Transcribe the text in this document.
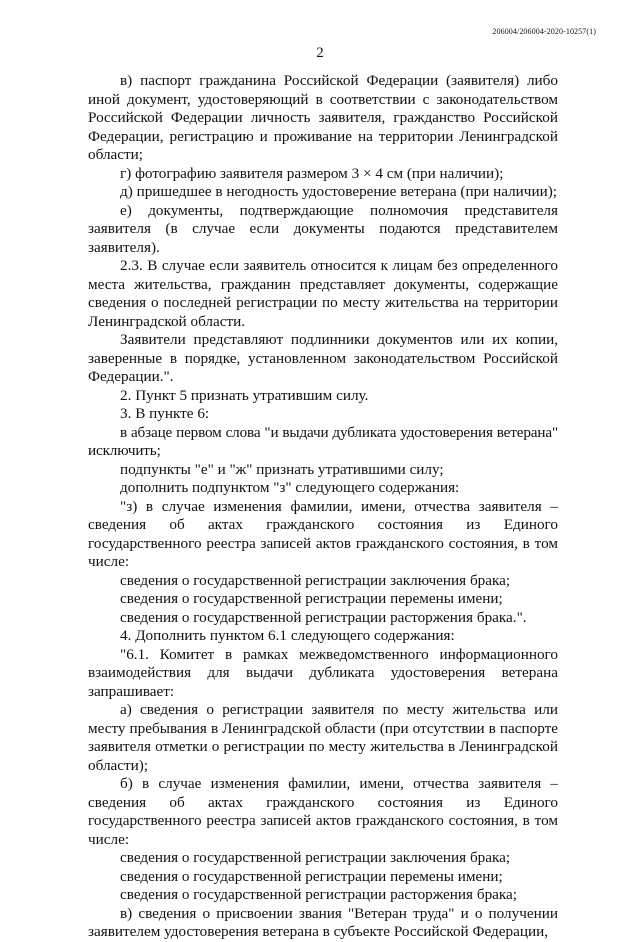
206004/206004-2020-10257(1)
2

в) паспорт гражданина Российской Федерации (заявителя) либо иной документ, удостоверяющий в соответствии с законодательством Российской Федерации личность заявителя, гражданство Российской Федерации, регистрацию и проживание на территории Ленинградской области;

г) фотографию заявителя размером 3 × 4 см (при наличии);

д) пришедшее в негодность удостоверение ветерана (при наличии);

е) документы, подтверждающие полномочия представителя заявителя (в случае если документы подаются представителем заявителя).

2.3. В случае если заявитель относится к лицам без определенного места жительства, гражданин представляет документы, содержащие сведения о последней регистрации по месту жительства на территории Ленинградской области.

Заявители представляют подлинники документов или их копии, заверенные в порядке, установленном законодательством Российской Федерации.".

2. Пункт 5 признать утратившим силу.

3. В пункте 6:

в абзаце первом слова "и выдачи дубликата удостоверения ветерана" исключить;

подпункты "е" и "ж" признать утратившими силу;

дополнить подпунктом "з" следующего содержания:

"з) в случае изменения фамилии, имени, отчества заявителя – сведения об актах гражданского состояния из Единого государственного реестра записей актов гражданского состояния, в том числе:

сведения о государственной регистрации заключения брака;

сведения о государственной регистрации перемены имени;

сведения о государственной регистрации расторжения брака.".

4. Дополнить пунктом 6.1 следующего содержания:

"6.1. Комитет в рамках межведомственного информационного взаимодействия для выдачи дубликата удостоверения ветерана запрашивает:

а) сведения о регистрации заявителя по месту жительства или месту пребывания в Ленинградской области (при отсутствии в паспорте заявителя отметки о регистрации по месту жительства в Ленинградской области);

б) в случае изменения фамилии, имени, отчества заявителя – сведения об актах гражданского состояния из Единого государственного реестра записей актов гражданского состояния, в том числе:

сведения о государственной регистрации заключения брака;

сведения о государственной регистрации перемены имени;

сведения о государственной регистрации расторжения брака;

в) сведения о присвоении звания "Ветеран труда" и о получении заявителем удостоверения ветерана в субъекте Российской Федерации,
